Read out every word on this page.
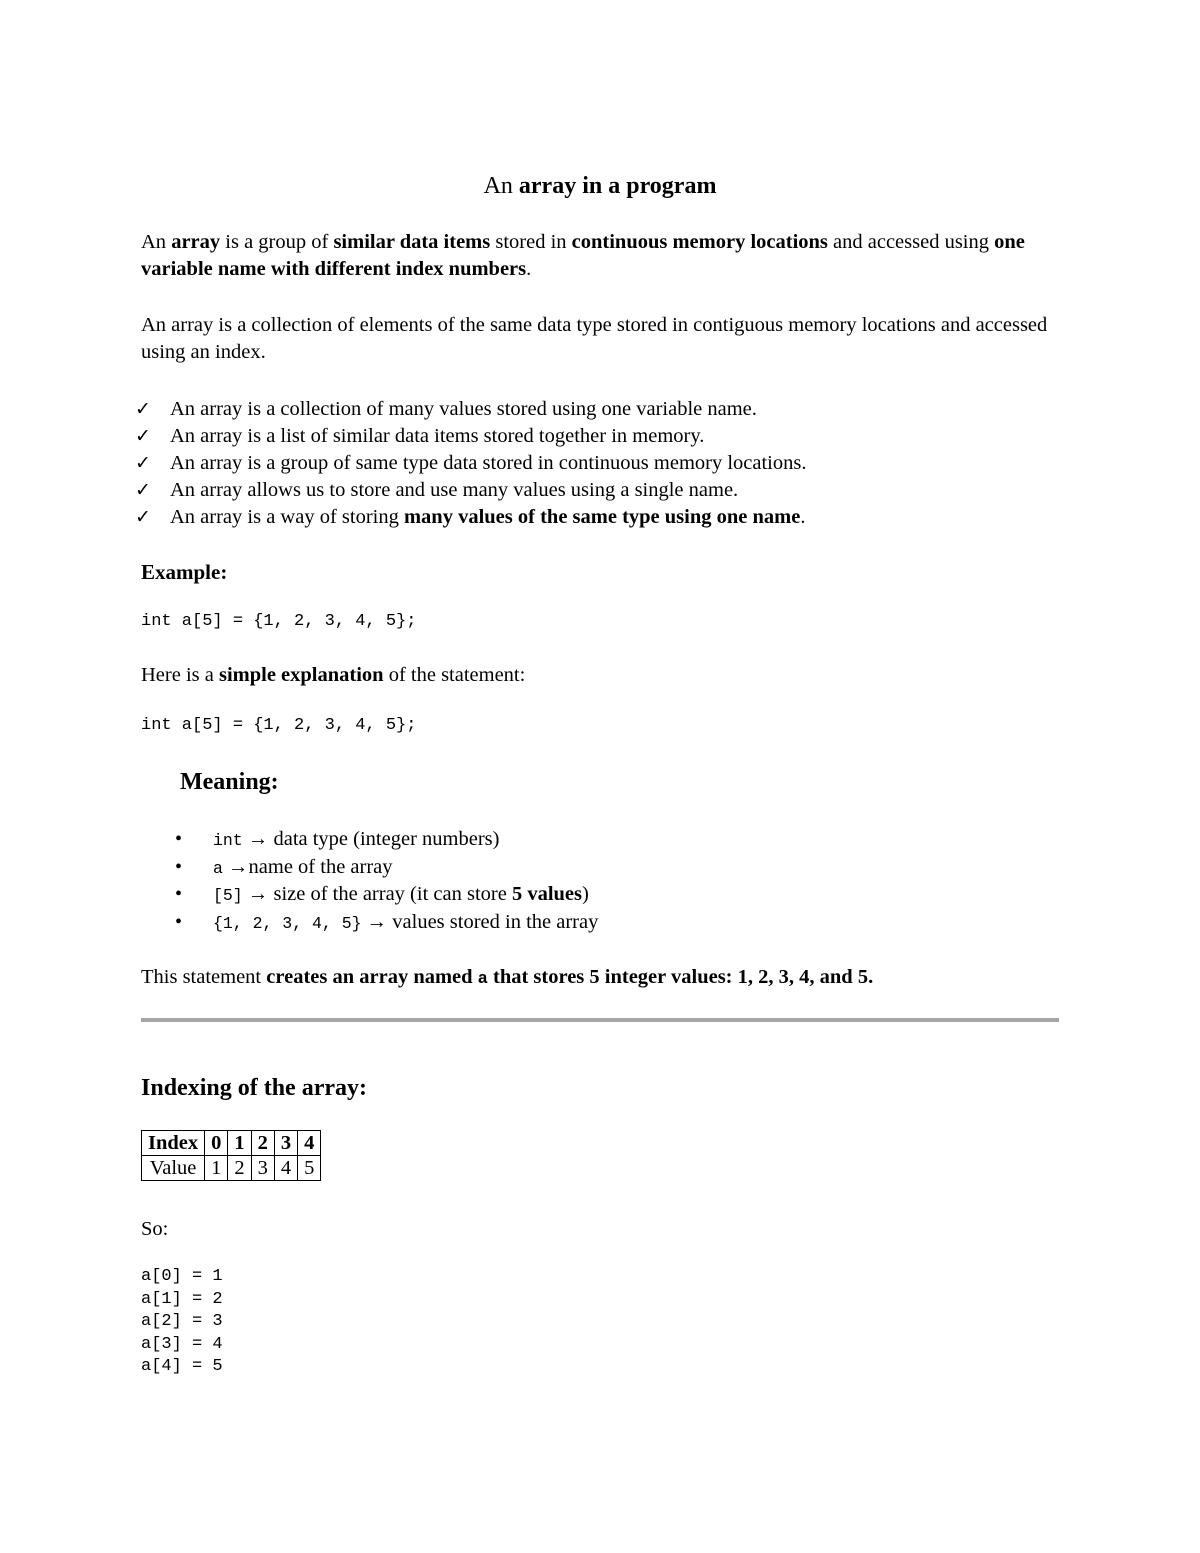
An array in a program

An array is a group of similar data items stored in continuous memory locations and accessed using one variable name with different index numbers.

An array is a collection of elements of the same data type stored in contiguous memory locations and accessed using an index.

✓ An array is a collection of many values stored using one variable name.
✓ An array is a list of similar data items stored together in memory.
✓ An array is a group of same type data stored in continuous memory locations.
✓ An array allows us to store and use many values using a single name.
✓ An array is a way of storing many values of the same type using one name.
Example:
int a[5] = {1, 2, 3, 4, 5};

Here is a simple explanation of the statement:

int a[5] = {1, 2, 3, 4, 5};
Meaning:
• int → data type (integer numbers)
• a →name of the array
• [5] → size of the array (it can store 5 values)
• {1, 2, 3, 4, 5} → values stored in the array

This statement creates an array named a that stores 5 integer values: 1, 2, 3, 4, and 5.

Indexing of the array:
Index	0	1	2	3	4
Value	1	2	3	4	5

So:

a[0] = 1
a[1] = 2
a[2] = 3
a[3] = 4
a[4] = 5
